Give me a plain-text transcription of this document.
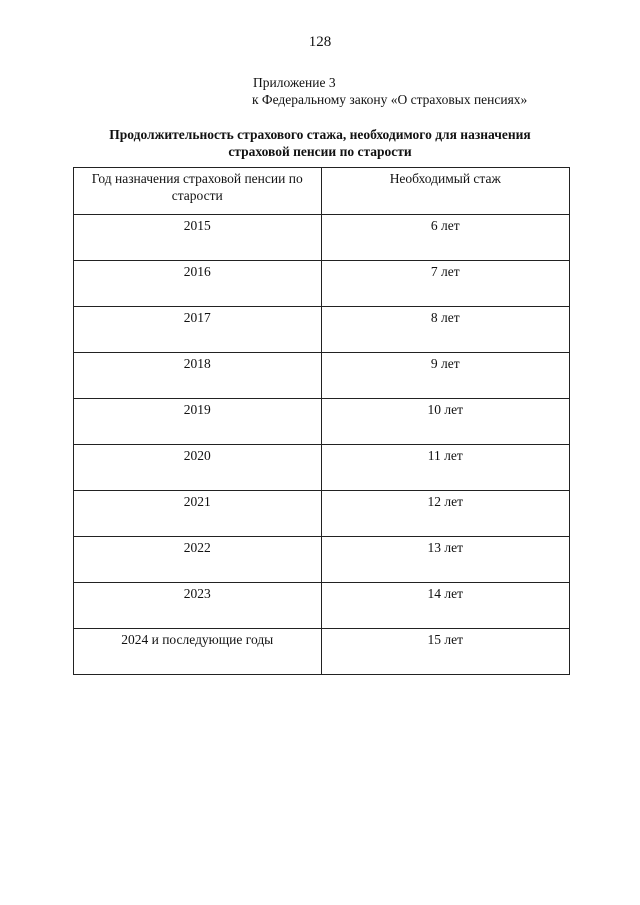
128
Приложение 3
к Федеральному закону «О страховых пенсиях»
Продолжительность страхового стажа, необходимого для назначения
страховой пенсии по старости
Год назначения страховой пенсии по старости	Необходимый стаж
2015	6 лет
2016	7 лет
2017	8 лет
2018	9 лет
2019	10 лет
2020	11 лет
2021	12 лет
2022	13 лет
2023	14 лет
2024 и последующие годы	15 лет
